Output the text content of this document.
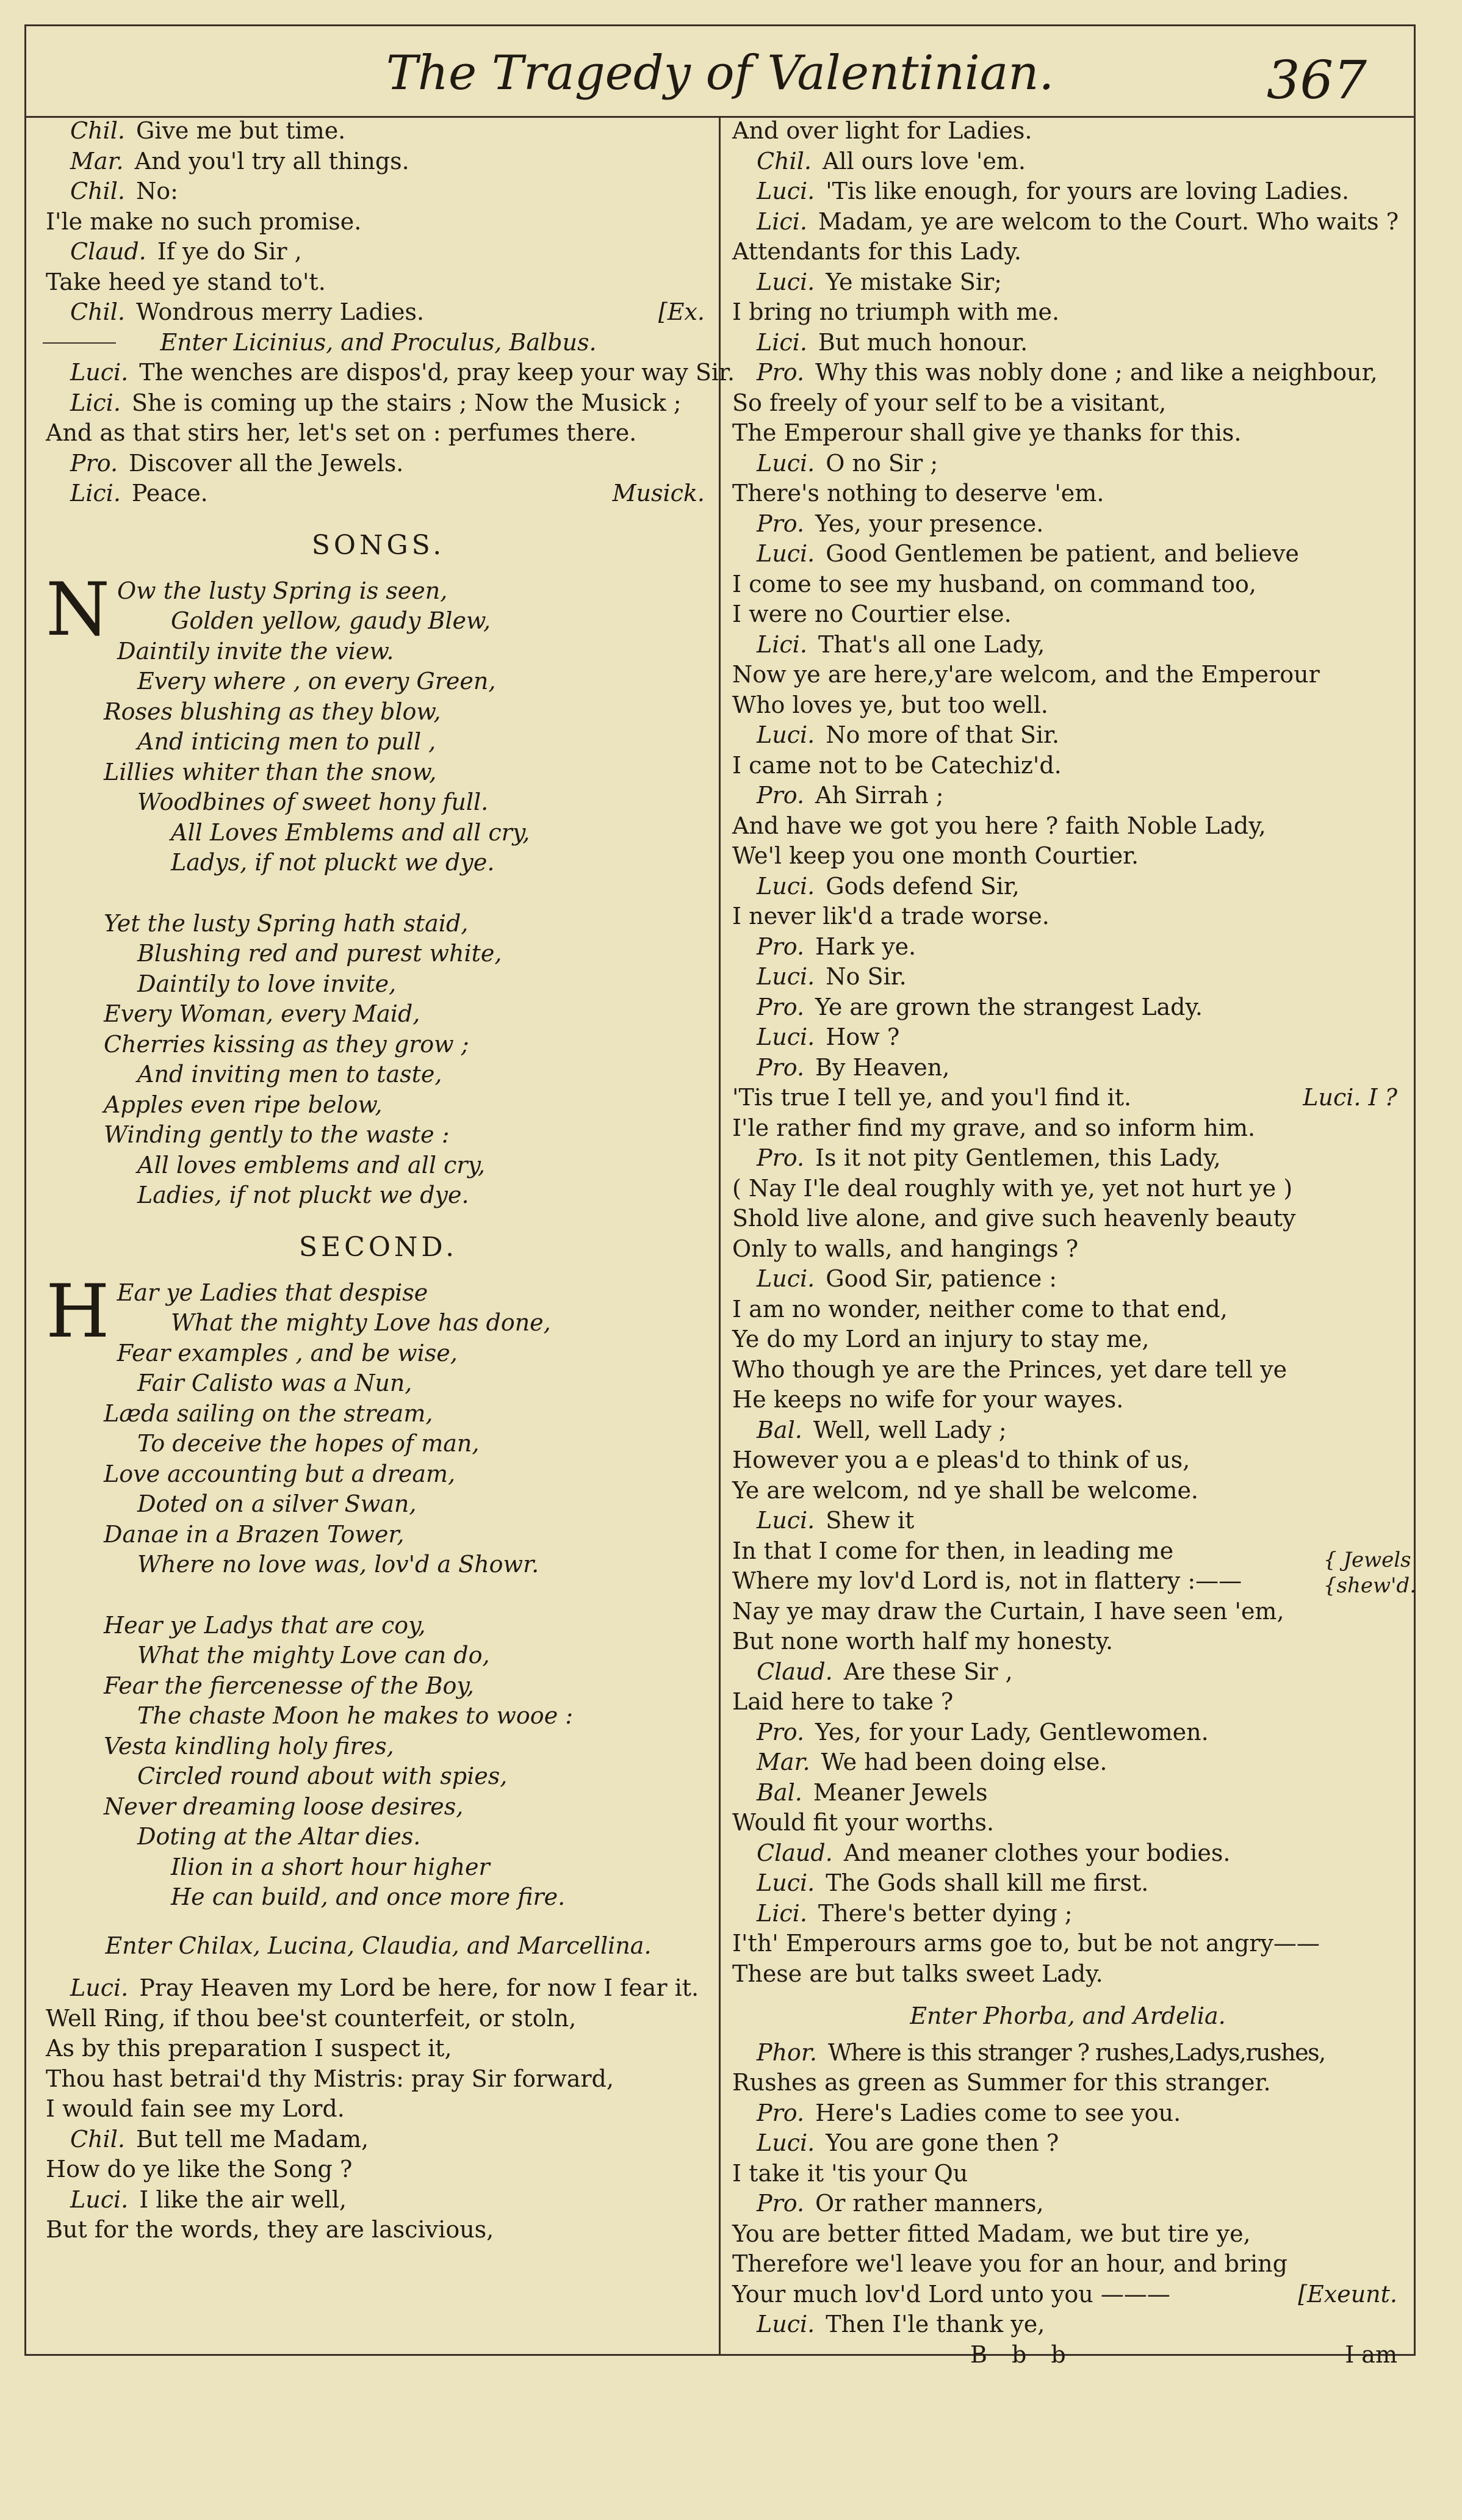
The Tragedy of Valentinian.	367
Chil. Give me but time.
Mar. And you'l try all things.
Chil. No:
I'le make no such promise.
Claud. If ye do Sir ,
Take heed ye stand to't.
Chil. Wondrous merry Ladies.	[Ex.
Enter Licinius, and Proculus, Balbus.
Luci. The wenches are dispos'd, pray keep your way Sir.
Lici. She is coming up the stairs ; Now the Musick ;
And as that stirs her, let's set on : perfumes there.
Pro. Discover all the Jewels.
Lici. Peace.	Musick.
SONGS.
N Ow the lusty Spring is seen,
Golden yellow, gaudy Blew,
Daintily invite the view.
Every where , on every Green,
Roses blushing as they blow,
And inticing men to pull ,
Lillies whiter than the snow,
Woodbines of sweet hony full.
All Loves Emblems and all cry,
Ladys, if not pluckt we dye.
Yet the lusty Spring hath staid,
Blushing red and purest white,
Daintily to love invite,
Every Woman, every Maid,
Cherries kissing as they grow ;
And inviting men to taste,
Apples even ripe below,
Winding gently to the waste :
All loves emblems and all cry,
Ladies, if not pluckt we dye.
SECOND.
H Ear ye Ladies that despise
What the mighty Love has done,
Fear examples , and be wise,
Fair Calisto was a Nun,
Læda sailing on the stream,
To deceive the hopes of man,
Love accounting but a dream,
Doted on a silver Swan,
Danae in a Brazen Tower,
Where no love was, lov'd a Showr.
Hear ye Ladys that are coy,
What the mighty Love can do,
Fear the fiercenesse of the Boy,
The chaste Moon he makes to wooe :
Vesta kindling holy fires,
Circled round about with spies,
Never dreaming loose desires,
Doting at the Altar dies.
Ilion in a short hour higher
He can build, and once more fire.
Enter Chilax, Lucina, Claudia, and Marcellina.
Luci. Pray Heaven my Lord be here, for now I fear it.
Well Ring, if thou bee'st counterfeit, or stoln,
As by this preparation I suspect it,
Thou hast betrai'd thy Mistris: pray Sir forward,
I would fain see my Lord.
Chil. But tell me Madam,
How do ye like the Song ?
Luci. I like the air well,
But for the words, they are lascivious,
And over light for Ladies.
Chil. All ours love 'em.
Luci. 'Tis like enough, for yours are loving Ladies.
Lici. Madam, ye are welcom to the Court. Who waits ?
Attendants for this Lady.
Luci. Ye mistake Sir;
I bring no triumph with me.
Lici. But much honour.
Pro. Why this was nobly done ; and like a neighbour,
So freely of your self to be a visitant,
The Emperour shall give ye thanks for this.
Luci. O no Sir ;
There's nothing to deserve 'em.
Pro. Yes, your presence.
Luci. Good Gentlemen be patient, and believe
I come to see my husband, on command too,
I were no Courtier else.
Lici. That's all one Lady,
Now ye are here,y'are welcom, and the Emperour
Who loves ye, but too well.
Luci. No more of that Sir.
I came not to be Catechiz'd.
Pro. Ah Sirrah ;
And have we got you here ? faith Noble Lady,
We'l keep you one month Courtier.
Luci. Gods defend Sir,
I never lik'd a trade worse.
Pro. Hark ye.
Luci. No Sir.
Pro. Ye are grown the strangest Lady.
Luci. How ?
Pro. By Heaven,
'Tis true I tell ye, and you'l find it.	Luci. I ?
I'le rather find my grave, and so inform him.
Pro. Is it not pity Gentlemen, this Lady,
( Nay I'le deal roughly with ye, yet not hurt ye )
Shold live alone, and give such heavenly beauty
Only to walls, and hangings ?
Luci. Good Sir, patience :
I am no wonder, neither come to that end,
Ye do my Lord an injury to stay me,
Who though ye are the Princes, yet dare tell ye
He keeps no wife for your wayes.
Bal. Well, well Lady ;
However you a e pleas'd to think of us,
Ye are welcom, nd ye shall be welcome.
Luci. Shew it
In that I come for then, in leading me
Where my lov'd Lord is, not in flattery :——
Nay ye may draw the Curtain, I have seen 'em,
But none worth half my honesty.
Claud. Are these Sir ,
Laid here to take ?
Pro. Yes, for your Lady, Gentlewomen.
Mar. We had been doing else.
Bal. Meaner Jewels
Would fit your worths.
Claud. And meaner clothes your bodies.
Luci. The Gods shall kill me first.
Lici. There's better dying ;
I'th' Emperours arms goe to, but be not angry——
These are but talks sweet Lady.
Enter Phorba, and Ardelia.
Phor. Where is this stranger ? rushes,Ladys,rushes,
Rushes as green as Summer for this stranger.
Pro. Here's Ladies come to see you.
Luci. You are gone then ?
I take it 'tis your Qu
Pro. Or rather manners,
You are better fitted Madam, we but tire ye,
Therefore we'l leave you for an hour, and bring
Your much lov'd Lord unto you ———	[Exeunt.
Luci. Then I'le thank ye,
B b b	I am
{ Jewels
{shew'd.
